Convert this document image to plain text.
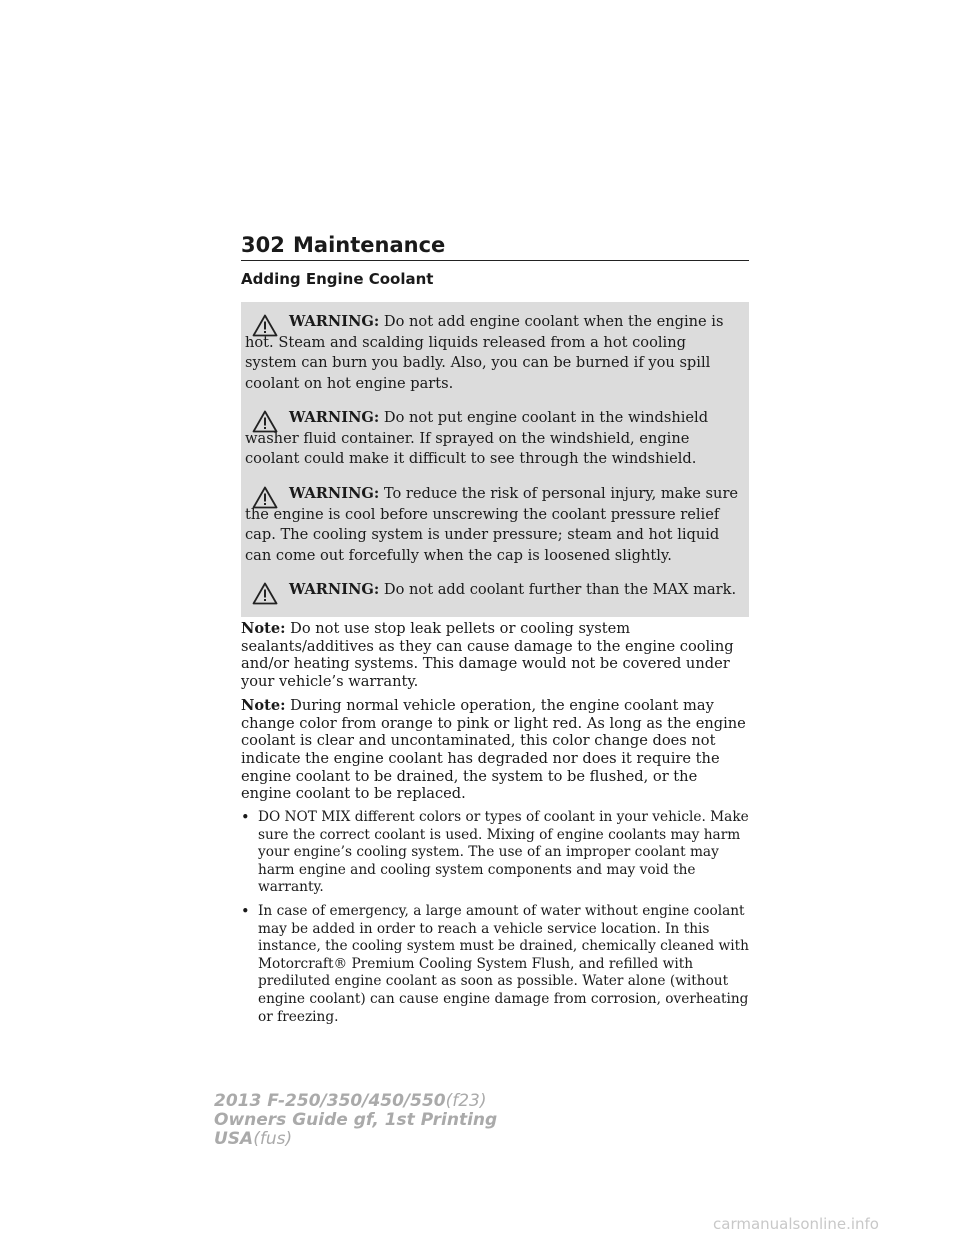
302 Maintenance
Adding Engine Coolant
WARNING: Do not add engine coolant when the engine is hot. Steam and scalding liquids released from a hot cooling system can burn you badly. Also, you can be burned if you spill coolant on hot engine parts.
WARNING: Do not put engine coolant in the windshield washer fluid container. If sprayed on the windshield, engine coolant could make it difficult to see through the windshield.
WARNING: To reduce the risk of personal injury, make sure the engine is cool before unscrewing the coolant pressure relief cap. The cooling system is under pressure; steam and hot liquid can come out forcefully when the cap is loosened slightly.
WARNING: Do not add coolant further than the MAX mark.

Note: Do not use stop leak pellets or cooling system sealants/additives as they can cause damage to the engine cooling and/or heating systems. This damage would not be covered under your vehicle’s warranty.

Note: During normal vehicle operation, the engine coolant may change color from orange to pink or light red. As long as the engine coolant is clear and uncontaminated, this color change does not indicate the engine coolant has degraded nor does it require the engine coolant to be drained, the system to be flushed, or the engine coolant to be replaced.

• DO NOT MIX different colors or types of coolant in your vehicle. Make sure the correct coolant is used. Mixing of engine coolants may harm your engine’s cooling system. The use of an improper coolant may harm engine and cooling system components and may void the warranty.
• In case of emergency, a large amount of water without engine coolant may be added in order to reach a vehicle service location. In this instance, the cooling system must be drained, chemically cleaned with Motorcraft® Premium Cooling System Flush, and refilled with prediluted engine coolant as soon as possible. Water alone (without engine coolant) can cause engine damage from corrosion, overheating or freezing.
2013 F-250/350/450/550(f23)
Owners Guide gf, 1st Printing
USA(fus)
carmanualsonline.info
